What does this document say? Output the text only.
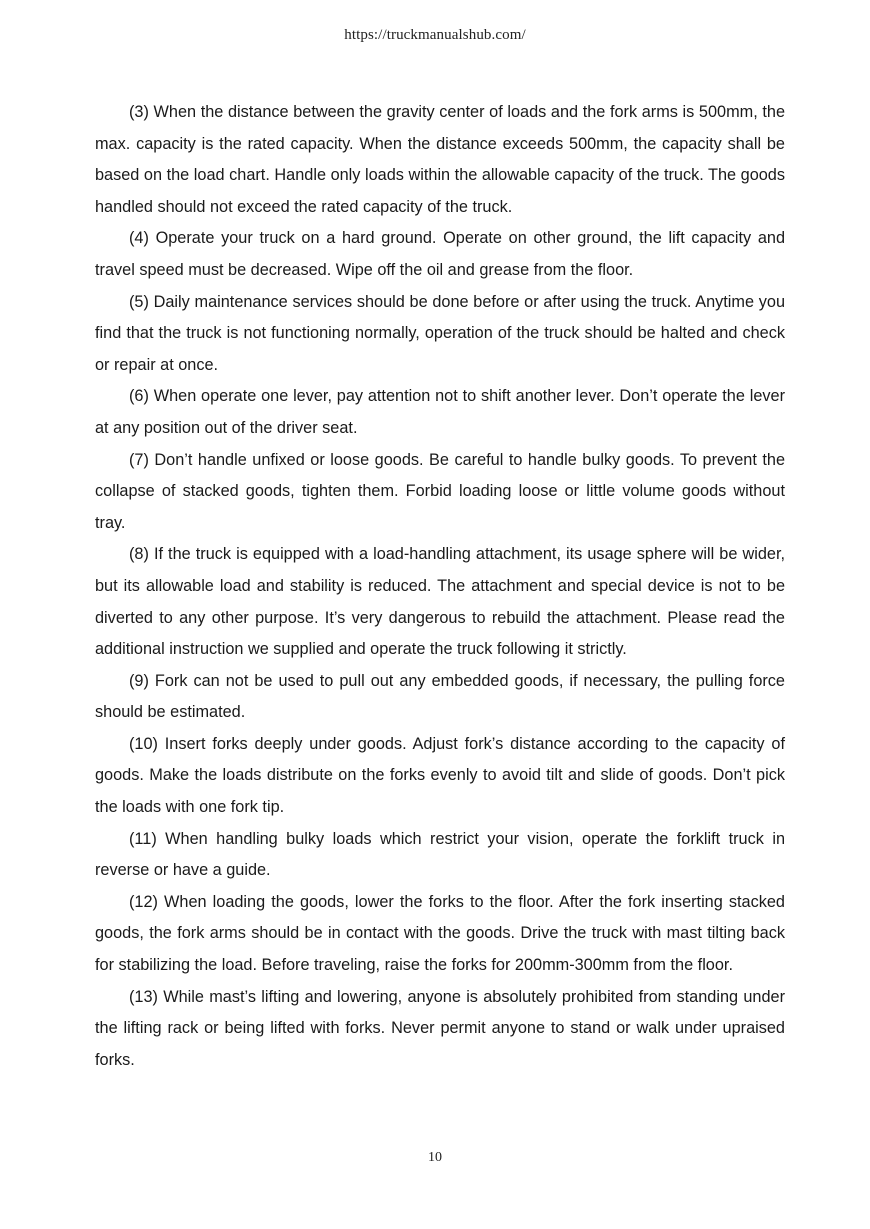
https://truckmanualshub.com/

(3) When the distance between the gravity center of loads and the fork arms is 500mm, the max. capacity is the rated capacity. When the distance exceeds 500mm, the capacity shall be based on the load chart. Handle only loads within the allowable capacity of the truck. The goods handled should not exceed the rated capacity of the truck.

(4) Operate your truck on a hard ground. Operate on other ground, the lift capacity and travel speed must be decreased. Wipe off the oil and grease from the floor.

(5) Daily maintenance services should be done before or after using the truck. Anytime you find that the truck is not functioning normally, operation of the truck should be halted and check or repair at once.

(6) When operate one lever, pay attention not to shift another lever. Don’t operate the lever at any position out of the driver seat.

(7) Don’t handle unfixed or loose goods. Be careful to handle bulky goods. To prevent the collapse of stacked goods, tighten them. Forbid loading loose or little volume goods without tray.

(8) If the truck is equipped with a load-handling attachment, its usage sphere will be wider, but its allowable load and stability is reduced. The attachment and special device is not to be diverted to any other purpose. It’s very dangerous to rebuild the attachment. Please read the additional instruction we supplied and operate the truck following it strictly.

(9) Fork can not be used to pull out any embedded goods, if necessary, the pulling force should be estimated.

(10) Insert forks deeply under goods. Adjust fork’s distance according to the capacity of goods. Make the loads distribute on the forks evenly to avoid tilt and slide of goods. Don’t pick the loads with one fork tip.

(11) When handling bulky loads which restrict your vision, operate the forklift truck in reverse or have a guide.

(12) When loading the goods, lower the forks to the floor. After the fork inserting stacked goods, the fork arms should be in contact with the goods. Drive the truck with mast tilting back for stabilizing the load. Before traveling, raise the forks for 200mm-300mm from the floor.

(13) While mast’s lifting and lowering, anyone is absolutely prohibited from standing under the lifting rack or being lifted with forks. Never permit anyone to stand or walk under upraised forks.

10
